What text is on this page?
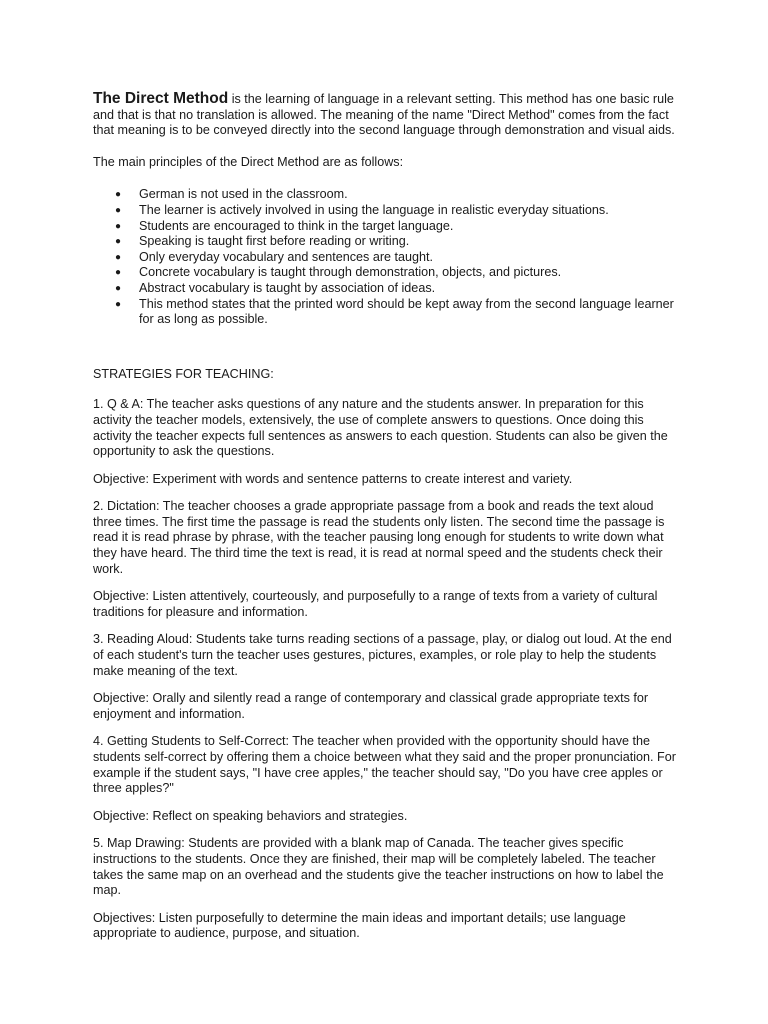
The Direct Method is the learning of language in a relevant setting. This method has one basic rule and that is that no translation is allowed. The meaning of the name "Direct Method" comes from the fact that meaning is to be conveyed directly into the second language through demonstration and visual aids.

The main principles of the Direct Method are as follows:

● German is not used in the classroom.
● The learner is actively involved in using the language in realistic everyday situations.
● Students are encouraged to think in the target language.
● Speaking is taught first before reading or writing.
● Only everyday vocabulary and sentences are taught.
● Concrete vocabulary is taught through demonstration, objects, and pictures.
● Abstract vocabulary is taught by association of ideas.
● This method states that the printed word should be kept away from the second language learner for as long as possible.

STRATEGIES FOR TEACHING:

1. Q & A: The teacher asks questions of any nature and the students answer. In preparation for this activity the teacher models, extensively, the use of complete answers to questions. Once doing this activity the teacher expects full sentences as answers to each question. Students can also be given the opportunity to ask the questions.

Objective: Experiment with words and sentence patterns to create interest and variety.

2. Dictation: The teacher chooses a grade appropriate passage from a book and reads the text aloud three times. The first time the passage is read the students only listen. The second time the passage is read it is read phrase by phrase, with the teacher pausing long enough for students to write down what they have heard. The third time the text is read, it is read at normal speed and the students check their work.

Objective: Listen attentively, courteously, and purposefully to a range of texts from a variety of cultural traditions for pleasure and information.

3. Reading Aloud: Students take turns reading sections of a passage, play, or dialog out loud. At the end of each student's turn the teacher uses gestures, pictures, examples, or role play to help the students make meaning of the text.

Objective: Orally and silently read a range of contemporary and classical grade appropriate texts for enjoyment and information.

4. Getting Students to Self-Correct: The teacher when provided with the opportunity should have the students self-correct by offering them a choice between what they said and the proper pronunciation. For example if the student says, "I have cree apples," the teacher should say, "Do you have cree apples or three apples?"

Objective: Reflect on speaking behaviors and strategies.

5. Map Drawing: Students are provided with a blank map of Canada. The teacher gives specific instructions to the students. Once they are finished, their map will be completely labeled. The teacher takes the same map on an overhead and the students give the teacher instructions on how to label the map.

Objectives: Listen purposefully to determine the main ideas and important details; use language appropriate to audience, purpose, and situation.
